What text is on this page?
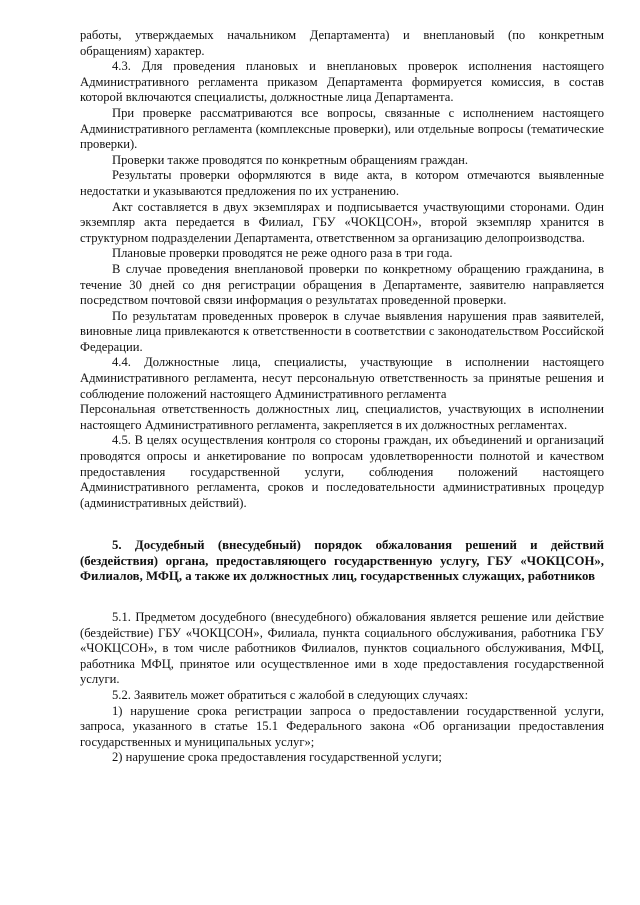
работы, утверждаемых начальником Департамента) и внеплановый (по конкретным обращениям) характер.

4.3. Для проведения плановых и внеплановых проверок исполнения настоящего Административного регламента приказом Департамента формируется комиссия, в состав которой включаются специалисты, должностные лица Департамента.

При проверке рассматриваются все вопросы, связанные с исполнением настоящего Административного регламента (комплексные проверки), или отдельные вопросы (тематические проверки).

Проверки также проводятся по конкретным обращениям граждан.

Результаты проверки оформляются в виде акта, в котором отмечаются выявленные недостатки и указываются предложения по их устранению.

Акт составляется в двух экземплярах и подписывается участвующими сторонами. Один экземпляр акта передается в Филиал, ГБУ «ЧОКЦСОН», второй экземпляр хранится в структурном подразделении Департамента, ответственном за организацию делопроизводства.

Плановые проверки проводятся не реже одного раза в три года.

В случае проведения внеплановой проверки по конкретному обращению гражданина, в течение 30 дней со дня регистрации обращения в Департаменте, заявителю направляется посредством почтовой связи информация о результатах проведенной проверки.

По результатам проведенных проверок в случае выявления нарушения прав заявителей, виновные лица привлекаются к ответственности в соответствии с законодательством Российской Федерации.

4.4. Должностные лица, специалисты, участвующие в исполнении настоящего Административного регламента, несут персональную ответственность за принятые решения и соблюдение положений настоящего Административного регламента

Персональная ответственность должностных лиц, специалистов, участвующих в исполнении настоящего Административного регламента, закрепляется в их должностных регламентах.

4.5. В целях осуществления контроля со стороны граждан, их объединений и организаций проводятся опросы и анкетирование по вопросам удовлетворенности полнотой и качеством предоставления государственной услуги, соблюдения положений настоящего Административного регламента, сроков и последовательности административных процедур (административных действий).

5. Досудебный (внесудебный) порядок обжалования решений и действий (бездействия) органа, предоставляющего государственную услугу, ГБУ «ЧОКЦСОН», Филиалов, МФЦ, а также их должностных лиц, государственных служащих, работников

5.1. Предметом досудебного (внесудебного) обжалования является решение или действие (бездействие) ГБУ «ЧОКЦСОН», Филиала, пункта социального обслуживания, работника ГБУ «ЧОКЦСОН», в том числе работников Филиалов, пунктов социального обслуживания, МФЦ, работника МФЦ, принятое или осуществленное ими в ходе предоставления государственной услуги.

5.2. Заявитель может обратиться с жалобой в следующих случаях:

1) нарушение срока регистрации запроса о предоставлении государственной услуги, запроса, указанного в статье 15.1 Федерального закона «Об организации предоставления государственных и муниципальных услуг»;

2) нарушение срока предоставления государственной услуги;
